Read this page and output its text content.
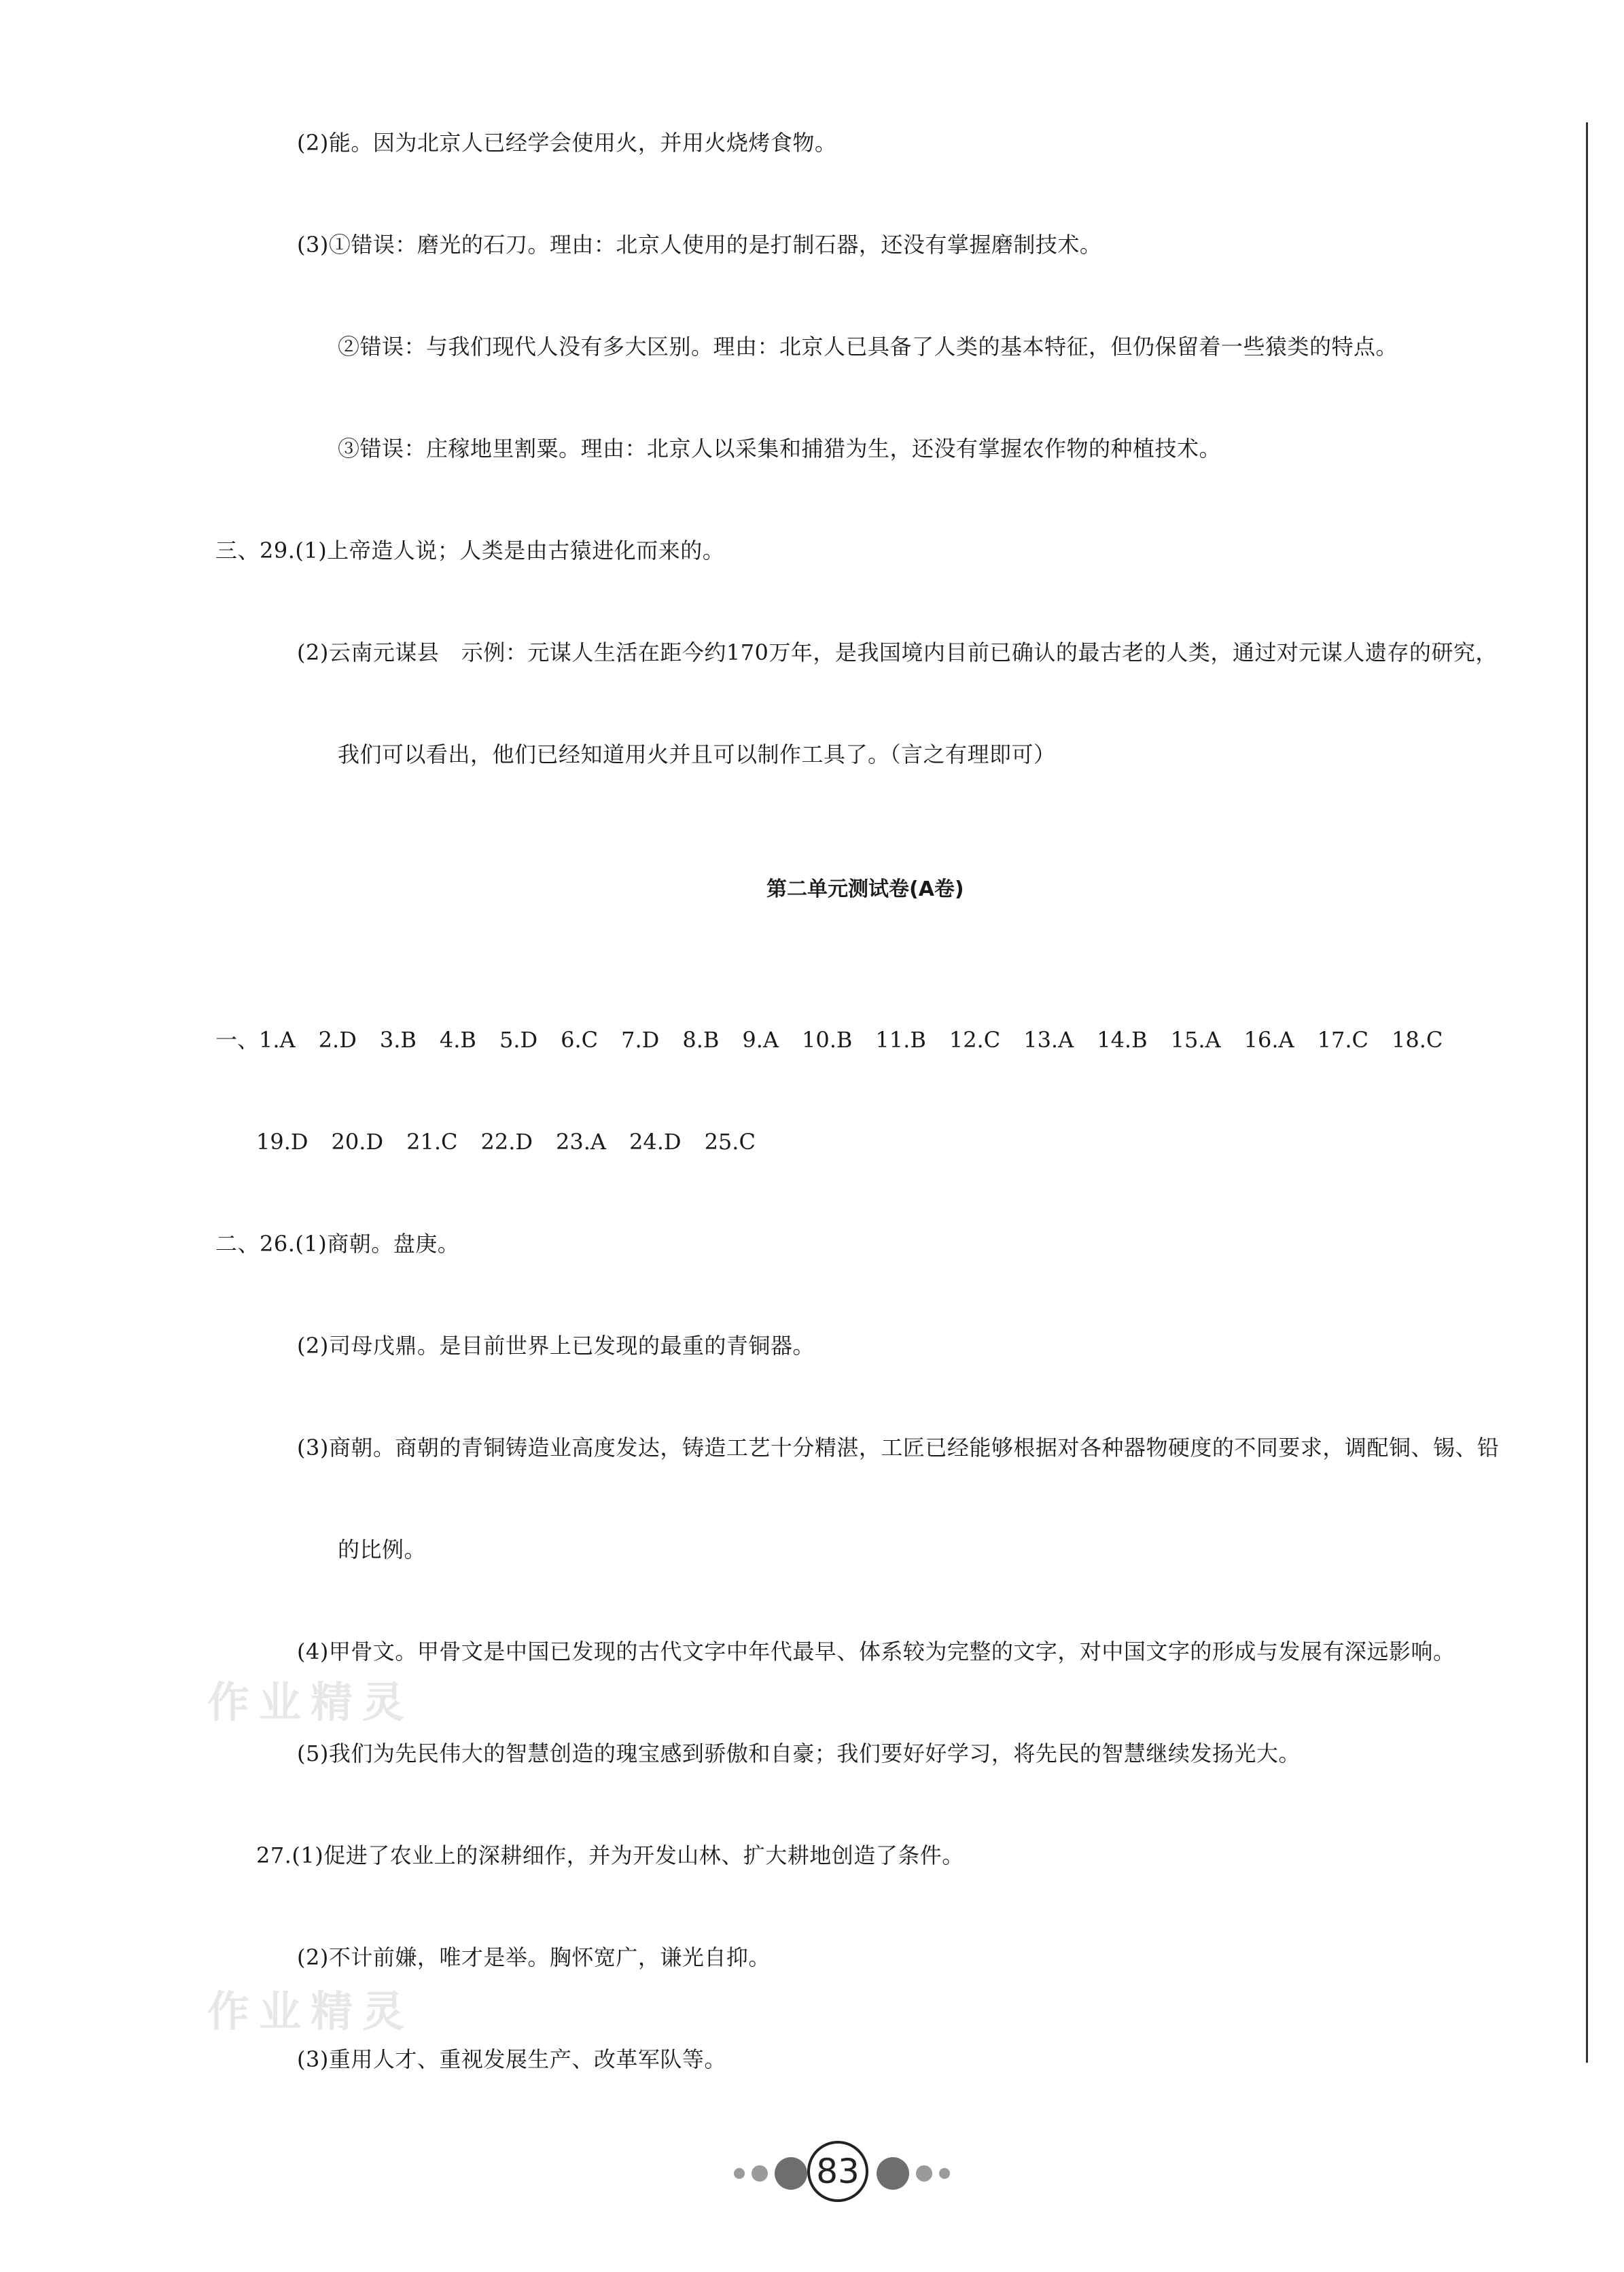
(2)能。因为北京人已经学会使用火，并用火烧烤食物。
(3)①错误：磨光的石刀。理由：北京人使用的是打制石器，还没有掌握磨制技术。
②错误：与我们现代人没有多大区别。理由：北京人已具备了人类的基本特征，但仍保留着一些猿类的特点。
③错误：庄稼地里割粟。理由：北京人以采集和捕猎为生，还没有掌握农作物的种植技术。
三、29.(1)上帝造人说；人类是由古猿进化而来的。
(2)云南元谋县　示例：元谋人生活在距今约170万年，是我国境内目前已确认的最古老的人类，通过对元谋人遗存的研究，
我们可以看出，他们已经知道用火并且可以制作工具了。（言之有理即可）
第二单元测试卷(A卷)
一、1.A 2.D 3.B 4.B 5.D 6.C 7.D 8.B 9.A 10.B 11.B 12.C 13.A 14.B 15.A 16.A 17.C 18.C
19.D 20.D 21.C 22.D 23.A 24.D 25.C
二、26.(1)商朝。盘庚。
(2)司母戊鼎。是目前世界上已发现的最重的青铜器。
(3)商朝。商朝的青铜铸造业高度发达，铸造工艺十分精湛，工匠已经能够根据对各种器物硬度的不同要求，调配铜、锡、铅
的比例。
(4)甲骨文。甲骨文是中国已发现的古代文字中年代最早、体系较为完整的文字，对中国文字的形成与发展有深远影响。
(5)我们为先民伟大的智慧创造的瑰宝感到骄傲和自豪；我们要好好学习，将先民的智慧继续发扬光大。
27.(1)促进了农业上的深耕细作，并为开发山林、扩大耕地创造了条件。
(2)不计前嫌，唯才是举。胸怀宽广，谦光自抑。
(3)重用人才、重视发展生产、改革军队等。
作业精灵
作业精灵
83
